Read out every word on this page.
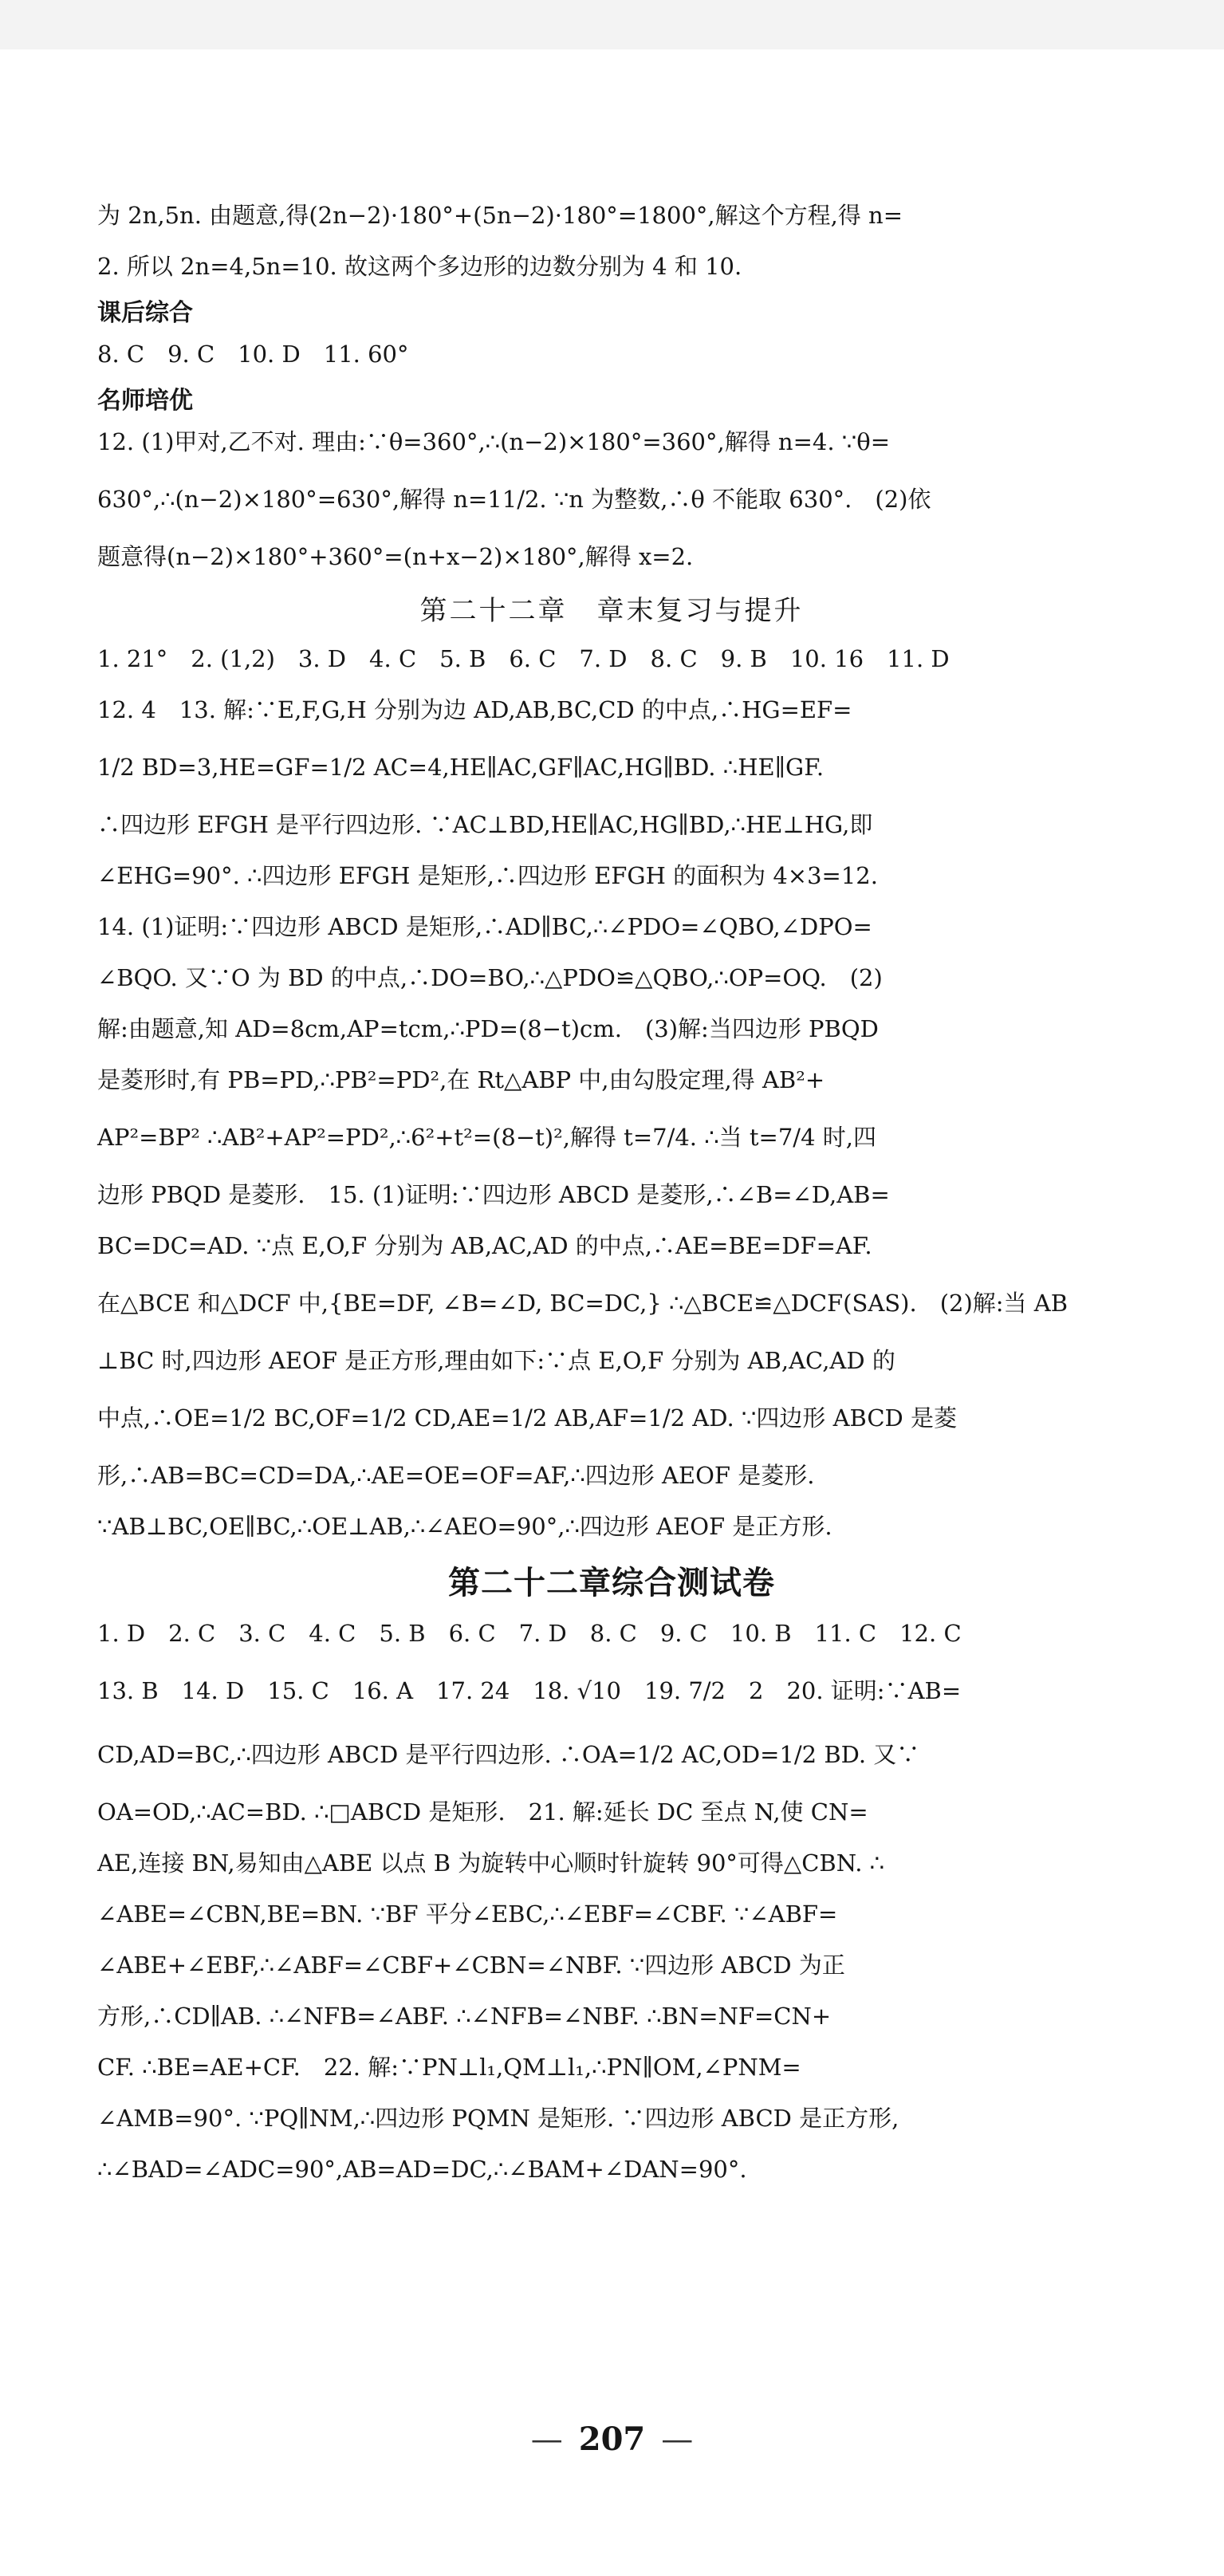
为 2n,5n. 由题意,得(2n−2)·180°+(5n−2)·180°=1800°,解这个方程,得 n=
2. 所以 2n=4,5n=10. 故这两个多边形的边数分别为 4 和 10.
课后综合
8. C　9. C　10. D　11. 60°
名师培优
12. (1)甲对,乙不对. 理由:∵θ=360°,∴(n−2)×180°=360°,解得 n=4. ∵θ=
630°,∴(n−2)×180°=630°,解得 n=11/2. ∵n 为整数,∴θ 不能取 630°.　(2)依
题意得(n−2)×180°+360°=(n+x−2)×180°,解得 x=2.
第二十二章　章末复习与提升
1. 21°　2. (1,2)　3. D　4. C　5. B　6. C　7. D　8. C　9. B　10. 16　11. D
12. 4　13. 解:∵E,F,G,H 分别为边 AD,AB,BC,CD 的中点,∴HG=EF=
1/2 BD=3,HE=GF=1/2 AC=4,HE∥AC,GF∥AC,HG∥BD. ∴HE∥GF.
∴四边形 EFGH 是平行四边形. ∵AC⊥BD,HE∥AC,HG∥BD,∴HE⊥HG,即
∠EHG=90°. ∴四边形 EFGH 是矩形,∴四边形 EFGH 的面积为 4×3=12.
14. (1)证明:∵四边形 ABCD 是矩形,∴AD∥BC,∴∠PDO=∠QBO,∠DPO=
∠BQO. 又∵O 为 BD 的中点,∴DO=BO,∴△PDO≌△QBO,∴OP=OQ.　(2)
解:由题意,知 AD=8cm,AP=tcm,∴PD=(8−t)cm.　(3)解:当四边形 PBQD
是菱形时,有 PB=PD,∴PB²=PD²,在 Rt△ABP 中,由勾股定理,得 AB²+
AP²=BP² ∴AB²+AP²=PD²,∴6²+t²=(8−t)²,解得 t=7/4. ∴当 t=7/4 时,四
边形 PBQD 是菱形.　15. (1)证明:∵四边形 ABCD 是菱形,∴∠B=∠D,AB=
BC=DC=AD. ∵点 E,O,F 分别为 AB,AC,AD 的中点,∴AE=BE=DF=AF.
在△BCE 和△DCF 中,{BE=DF, ∠B=∠D, BC=DC,} ∴△BCE≌△DCF(SAS).　(2)解:当 AB
⊥BC 时,四边形 AEOF 是正方形,理由如下:∵点 E,O,F 分别为 AB,AC,AD 的
中点,∴OE=1/2 BC,OF=1/2 CD,AE=1/2 AB,AF=1/2 AD. ∵四边形 ABCD 是菱
形,∴AB=BC=CD=DA,∴AE=OE=OF=AF,∴四边形 AEOF 是菱形.
∵AB⊥BC,OE∥BC,∴OE⊥AB,∴∠AEO=90°,∴四边形 AEOF 是正方形.
第二十二章综合测试卷
1. D　2. C　3. C　4. C　5. B　6. C　7. D　8. C　9. C　10. B　11. C　12. C
13. B　14. D　15. C　16. A　17. 24　18. √10　19. 7/2　2　20. 证明:∵AB=
CD,AD=BC,∴四边形 ABCD 是平行四边形. ∴OA=1/2 AC,OD=1/2 BD. 又∵
OA=OD,∴AC=BD. ∴□ABCD 是矩形.　21. 解:延长 DC 至点 N,使 CN=
AE,连接 BN,易知由△ABE 以点 B 为旋转中心顺时针旋转 90°可得△CBN. ∴
∠ABE=∠CBN,BE=BN. ∵BF 平分∠EBC,∴∠EBF=∠CBF. ∵∠ABF=
∠ABE+∠EBF,∴∠ABF=∠CBF+∠CBN=∠NBF. ∵四边形 ABCD 为正
方形,∴CD∥AB. ∴∠NFB=∠ABF. ∴∠NFB=∠NBF. ∴BN=NF=CN+
CF. ∴BE=AE+CF.　22. 解:∵PN⊥l₁,QM⊥l₁,∴PN∥OM,∠PNM=
∠AMB=90°. ∵PQ∥NM,∴四边形 PQMN 是矩形. ∵四边形 ABCD 是正方形,
∴∠BAD=∠ADC=90°,AB=AD=DC,∴∠BAM+∠DAN=90°.
— 207 —
